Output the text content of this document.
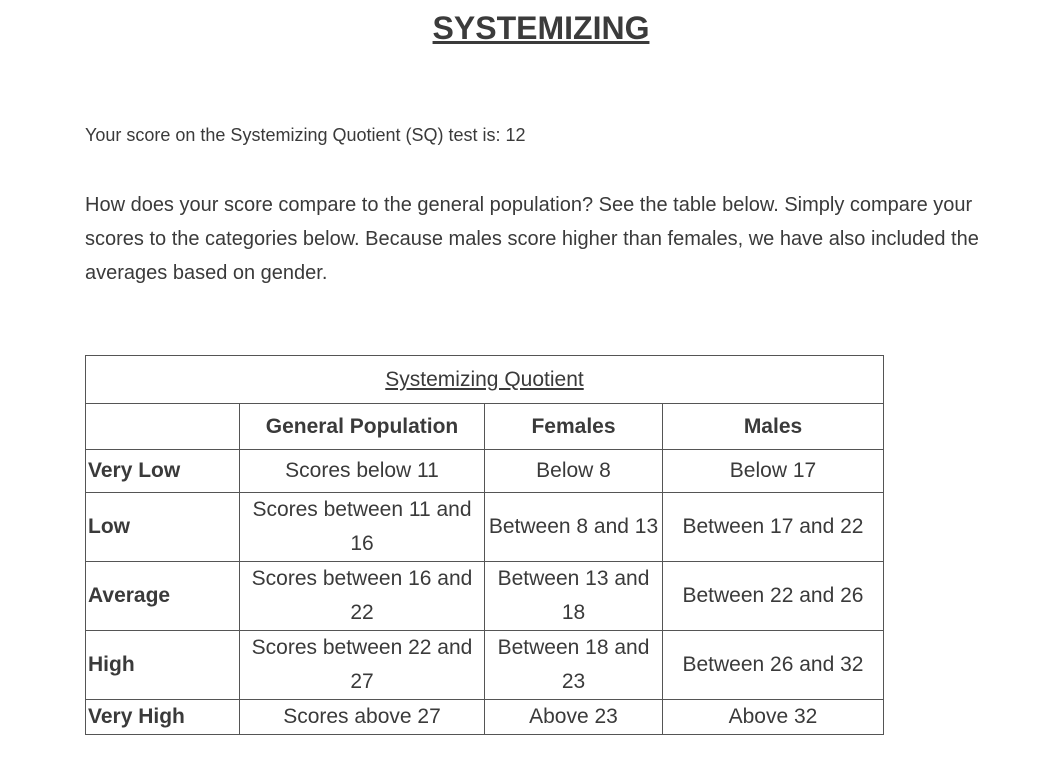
SYSTEMIZING

Your score on the Systemizing Quotient (SQ) test is: 12

How does your score compare to the general population? See the table below. Simply compare your scores to the categories below. Because males score higher than females, we have also included the averages based on gender.

Systemizing Quotient			
	General Population	Females	Males
Very Low	Scores below 11	Below 8	Below 17
Low	Scores between 11 and 16	Between 8 and 13	Between 17 and 22
Average	Scores between 16 and 22	Between 13 and 18	Between 22 and 26
High	Scores between 22 and 27	Between 18 and 23	Between 26 and 32
Very High	Scores above 27	Above 23	Above 32
